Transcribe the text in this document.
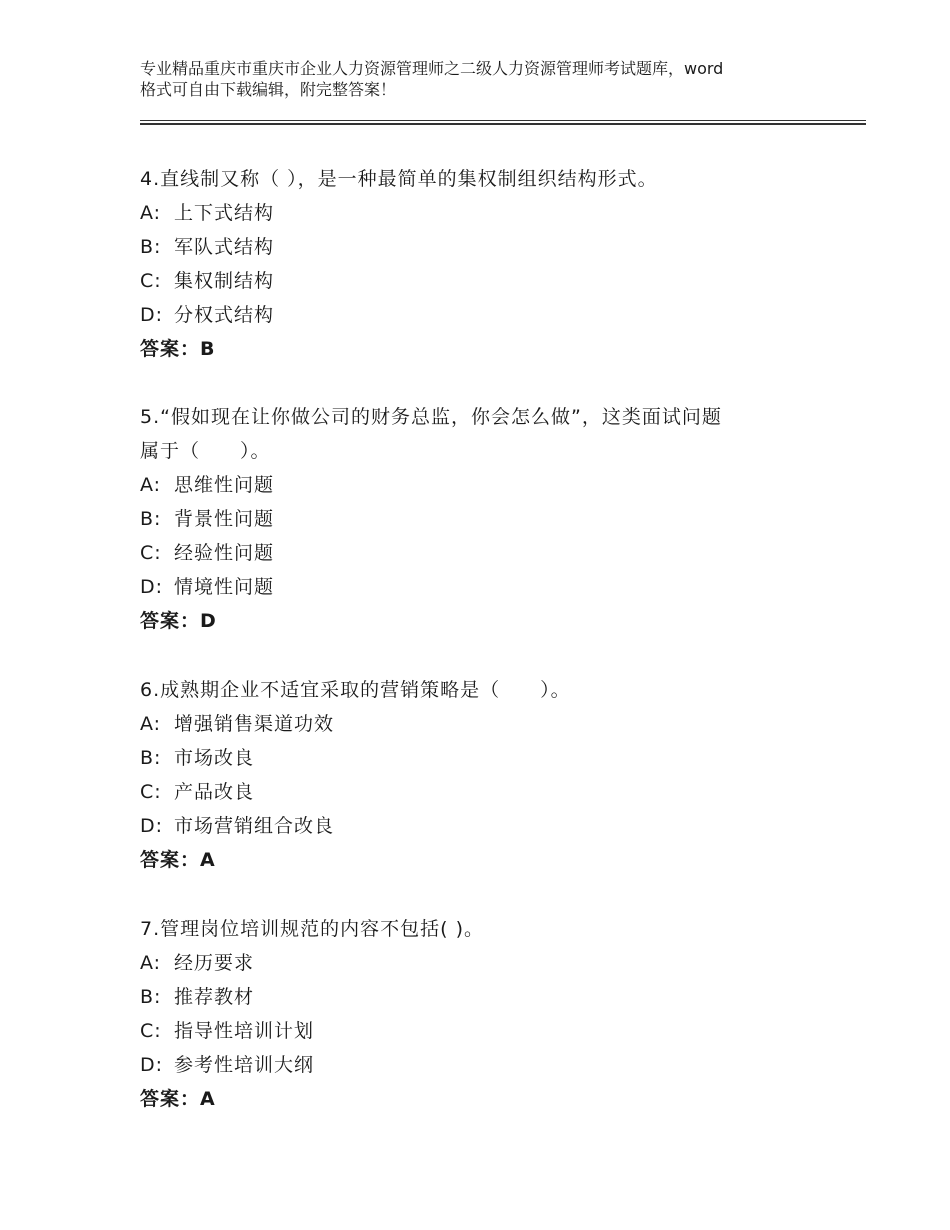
专业精品重庆市重庆市企业人力资源管理师之二级人力资源管理师考试题库，word
格式可自由下载编辑，附完整答案！
4.直线制又称（ ），是一种最简单的集权制组织结构形式。
A: 上下式结构
B: 军队式结构
C: 集权制结构
D: 分权式结构
答案：B
5.“假如现在让你做公司的财务总监，你会怎么做”，这类面试问题
属于（　　）。
A: 思维性问题
B: 背景性问题
C: 经验性问题
D: 情境性问题
答案：D
6.成熟期企业不适宜采取的营销策略是（　　）。
A: 增强销售渠道功效
B: 市场改良
C: 产品改良
D: 市场营销组合改良
答案：A
7.管理岗位培训规范的内容不包括( )。
A: 经历要求
B: 推荐教材
C: 指导性培训计划
D: 参考性培训大纲
答案：A
